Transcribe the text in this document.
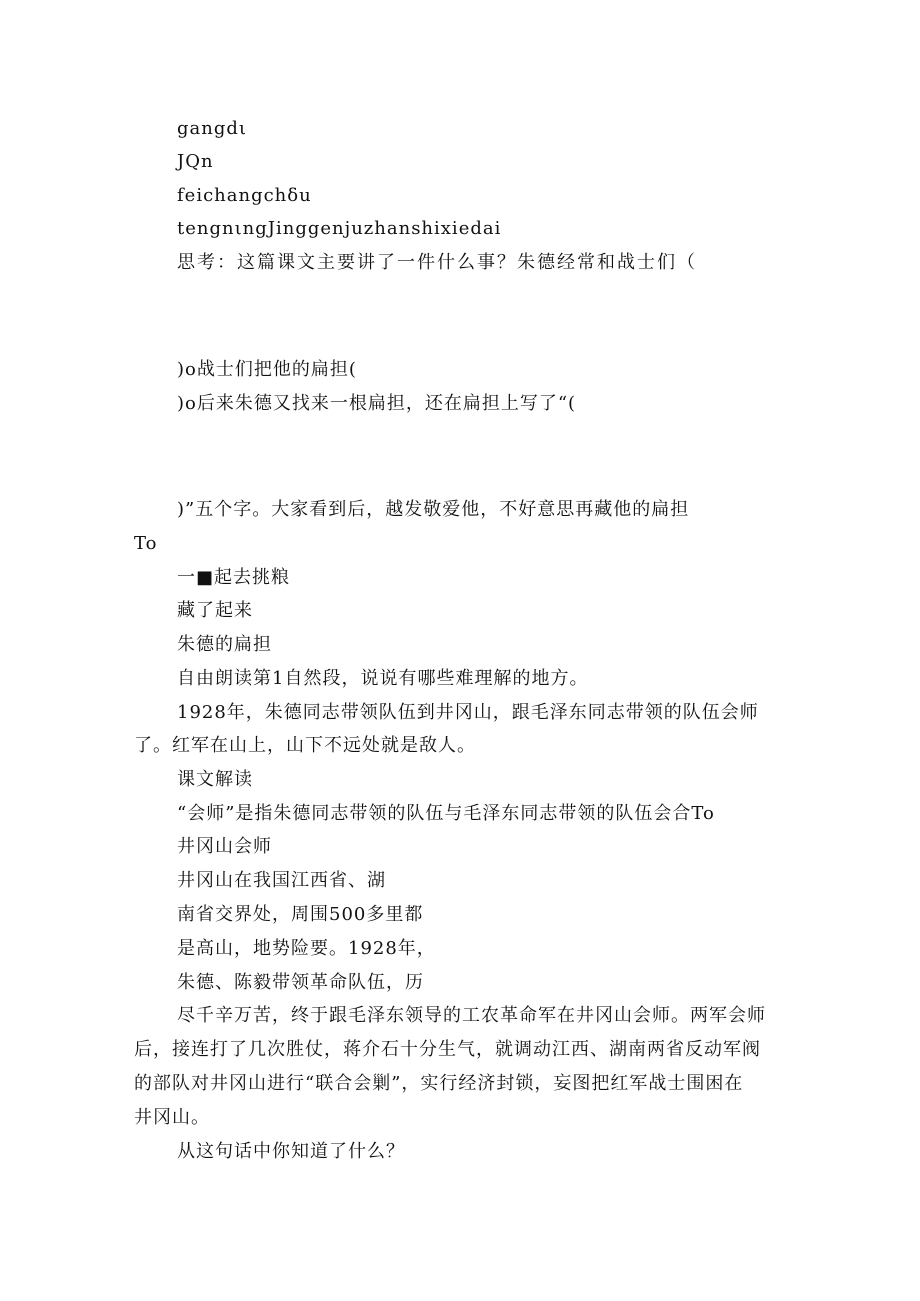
gangdι
JQn
feichangchδu
tengnιngJinggenjuzhanshixiedai
思考：这篇课文主要讲了一件什么事？朱德经常和战士们（
)o战士们把他的扁担(
)o后来朱德又找来一根扁担，还在扁担上写了“(
)”五个字。大家看到后，越发敬爱他，不好意思再藏他的扁担
To
一■起去挑粮
藏了起来
朱德的扁担
自由朗读第1自然段，说说有哪些难理解的地方。
1928年，朱德同志带领队伍到井冈山，跟毛泽东同志带领的队伍会师
了。红军在山上，山下不远处就是敌人。
课文解读
“会师”是指朱德同志带领的队伍与毛泽东同志带领的队伍会合To
井冈山会师
井冈山在我国江西省、湖
南省交界处，周围500多里都
是高山，地势险要。1928年，
朱德、陈毅带领革命队伍，历
尽千辛万苦，终于跟毛泽东领导的工农革命军在井冈山会师。两军会师
后，接连打了几次胜仗，蒋介石十分生气，就调动江西、湖南两省反动军阀
的部队对井冈山进行“联合会剿”，实行经济封锁，妄图把红军战士围困在
井冈山。
从这句话中你知道了什么？
